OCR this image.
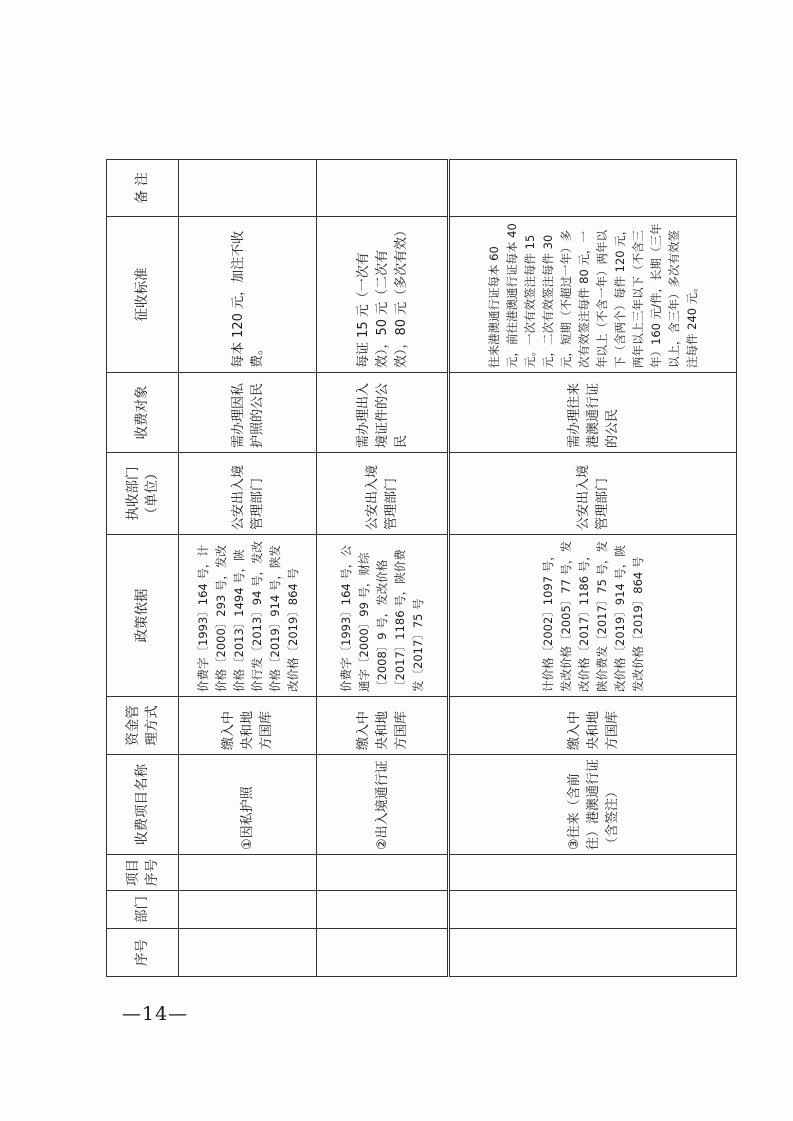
序号	部门	项目序号	收费项目名称	资金管理方式	政策依据	执收部门（单位）	收费对象	征收标准	备 注
			①因私护照	缴入中央和地方国库	价费字〔1993〕164 号，计价格〔2000〕293 号，发改价格〔2013〕1494 号，陕价行发〔2013〕94 号，发改价格〔2019〕914 号，陕发改价格〔2019〕864 号	公安出入境管理部门	需办理因私护照的公民	每本 120 元，加注不收费。	
			②出入境通行证	缴入中央和地方国库	价费字〔1993〕164 号，公通字〔2000〕99 号，财综〔2008〕9 号，发改价格〔2017〕1186 号，陕价费发〔2017〕75 号	公安出入境管理部门	需办理出入境证件的公民	每证 15 元（一次有效），50 元（二次有效），80 元（多次有效）	
			③往来（含前往）港澳通行证（含签注）	缴入中央和地方国库	计价格〔2002〕1097 号，发改价格〔2005〕77 号，发改价格〔2017〕1186 号，陕价费发〔2017〕75 号，发改价格〔2019〕914 号，陕发改价格〔2019〕864 号	公安出入境管理部门	需办理往来港澳通行证的公民	往来港澳通行证每本 60 元，前往港澳通行证每本 40 元。一次有效签注每件 15 元，二次有效签注每件 30 元，短期（不超过一年）多次有效签注每件 80 元，一年以上（不含一年）两年以下（含两个）每件 120 元，两年以上三年以下（不含三年）160 元/件，长期（三年以上，含三年）多次有效签注每件 240 元。	
—14—
